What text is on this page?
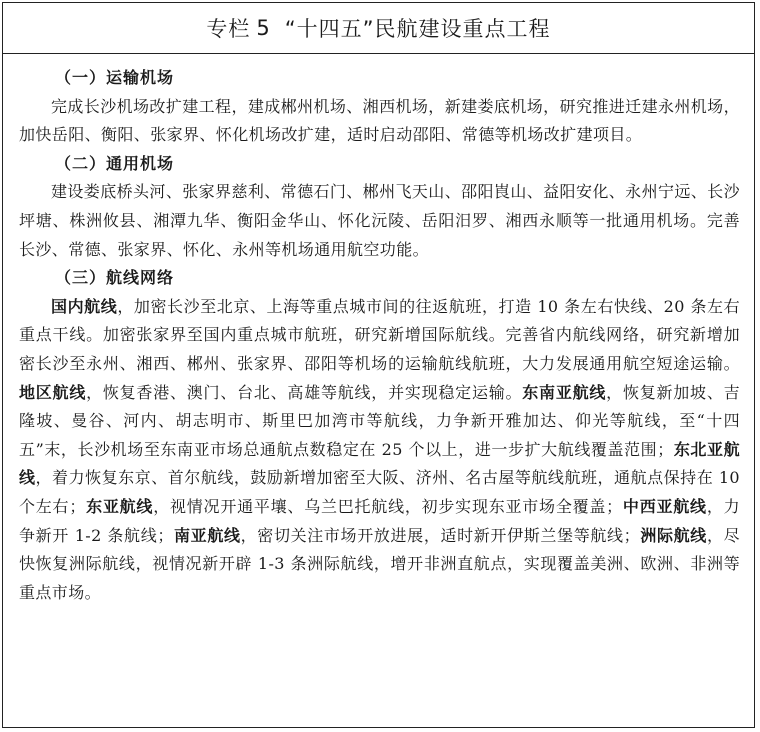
专栏 5 “十四五”民航建设重点工程
（一）运输机场
完成长沙机场改扩建工程，建成郴州机场、湘西机场，新建娄底机场，研究推进迁建永州机场，加快岳阳、衡阳、张家界、怀化机场改扩建，适时启动邵阳、常德等机场改扩建项目。
（二）通用机场
建设娄底桥头河、张家界慈利、常德石门、郴州飞天山、邵阳崀山、益阳安化、永州宁远、长沙坪塘、株洲攸县、湘潭九华、衡阳金华山、怀化沅陵、岳阳汨罗、湘西永顺等一批通用机场。完善长沙、常德、张家界、怀化、永州等机场通用航空功能。
（三）航线网络
国内航线，加密长沙至北京、上海等重点城市间的往返航班，打造 10 条左右快线、20 条左右重点干线。加密张家界至国内重点城市航班，研究新增国际航线。完善省内航线网络，研究新增加密长沙至永州、湘西、郴州、张家界、邵阳等机场的运输航线航班，大力发展通用航空短途运输。地区航线，恢复香港、澳门、台北、高雄等航线，并实现稳定运输。东南亚航线，恢复新加坡、吉隆坡、曼谷、河内、胡志明市、斯里巴加湾市等航线，力争新开雅加达、仰光等航线，至“十四五”末，长沙机场至东南亚市场总通航点数稳定在 25 个以上，进一步扩大航线覆盖范围；东北亚航线，着力恢复东京、首尔航线，鼓励新增加密至大阪、济州、名古屋等航线航班，通航点保持在 10 个左右；东亚航线，视情况开通平壤、乌兰巴托航线，初步实现东亚市场全覆盖；中西亚航线，力争新开 1-2 条航线；南亚航线，密切关注市场开放进展，适时新开伊斯兰堡等航线；洲际航线，尽快恢复洲际航线，视情况新开辟 1-3 条洲际航线，增开非洲直航点，实现覆盖美洲、欧洲、非洲等重点市场。
